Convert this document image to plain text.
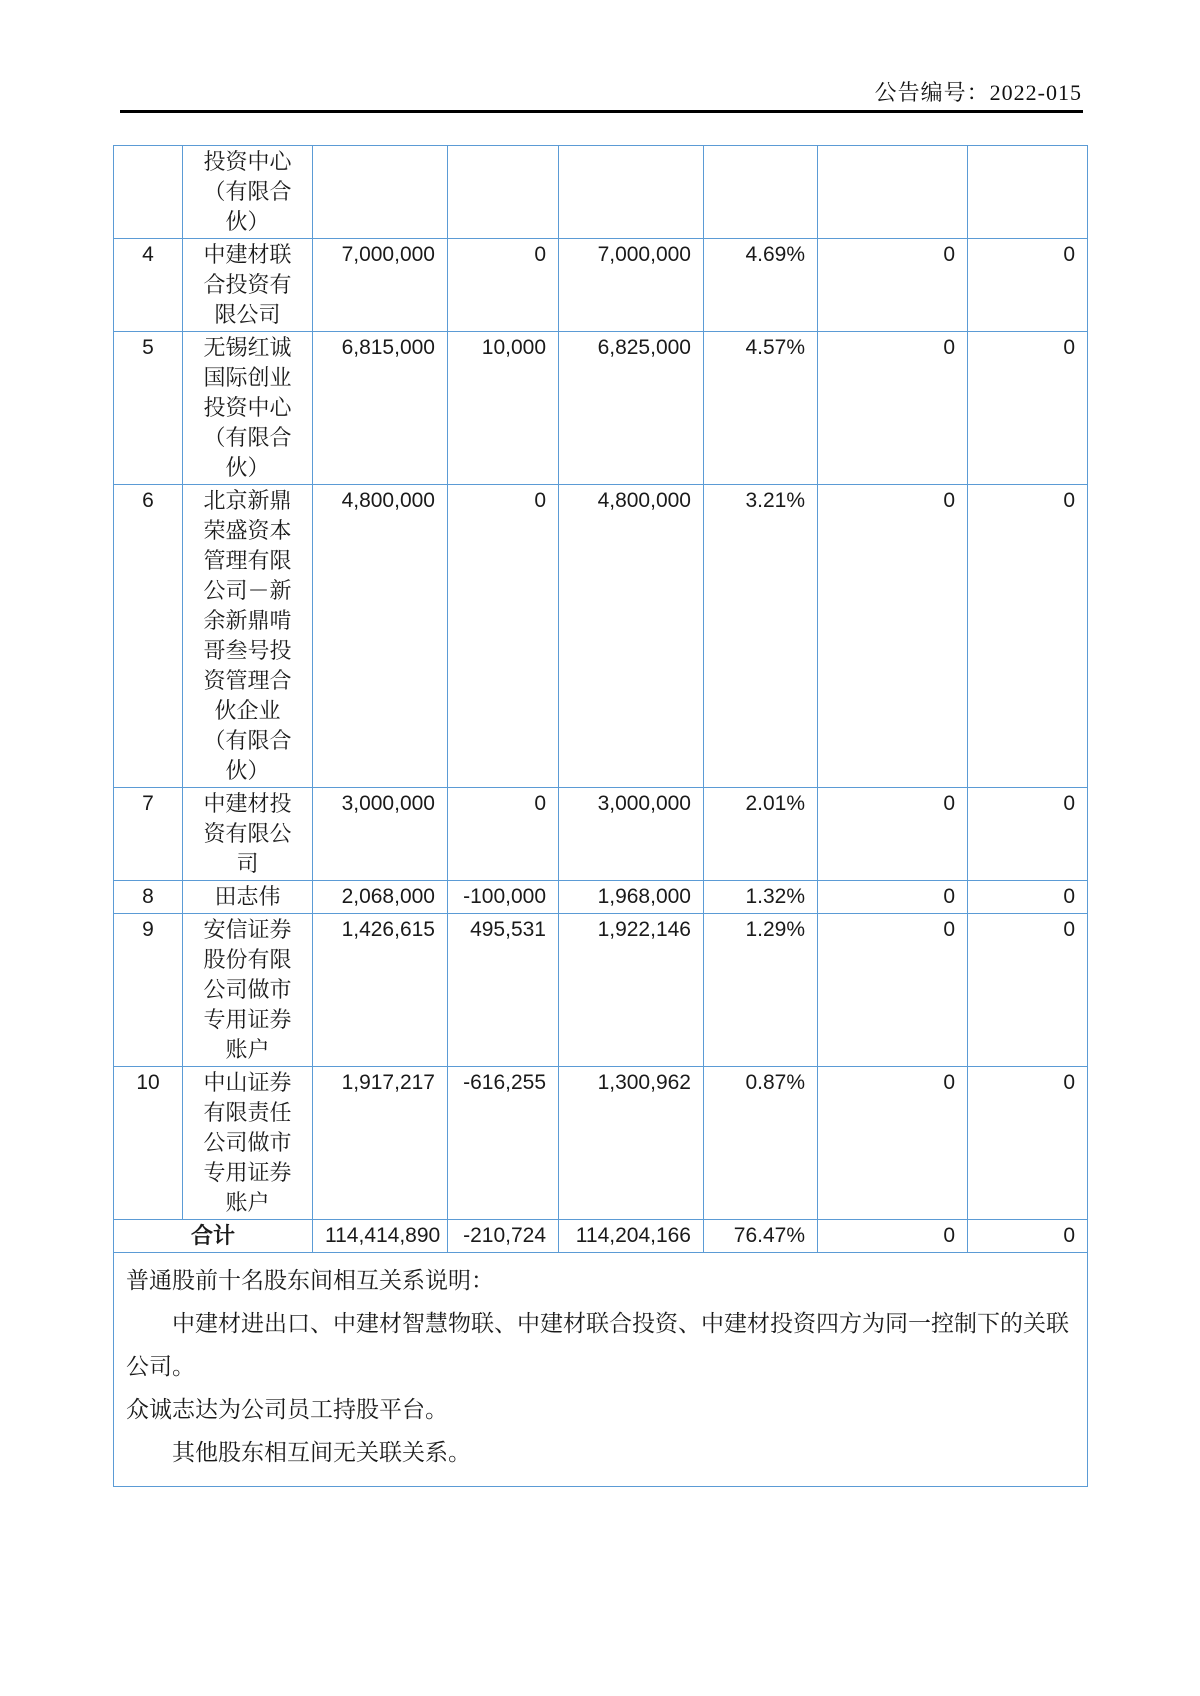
公告编号：2022-015
	投资中心（有限合伙）						
4	中建材联合投资有限公司	7,000,000	0	7,000,000	4.69%	0	0
5	无锡红诚国际创业投资中心（有限合伙）	6,815,000	10,000	6,825,000	4.57%	0	0
6	北京新鼎荣盛资本管理有限公司－新余新鼎啃哥叁号投资管理合伙企业（有限合伙）	4,800,000	0	4,800,000	3.21%	0	0
7	中建材投资有限公司	3,000,000	0	3,000,000	2.01%	0	0
8	田志伟	2,068,000	-100,000	1,968,000	1.32%	0	0
9	安信证券股份有限公司做市专用证券账户	1,426,615	495,531	1,922,146	1.29%	0	0
10	中山证券有限责任公司做市专用证券账户	1,917,217	-616,255	1,300,962	0.87%	0	0
合计		114,414,890	-210,724	114,204,166	76.47%	0	0

普通股前十名股东间相互关系说明：
中建材进出口、中建材智慧物联、中建材联合投资、中建材投资四方为同一控制下的关联公司。
众诚志达为公司员工持股平台。
其他股东相互间无关联关系。							
